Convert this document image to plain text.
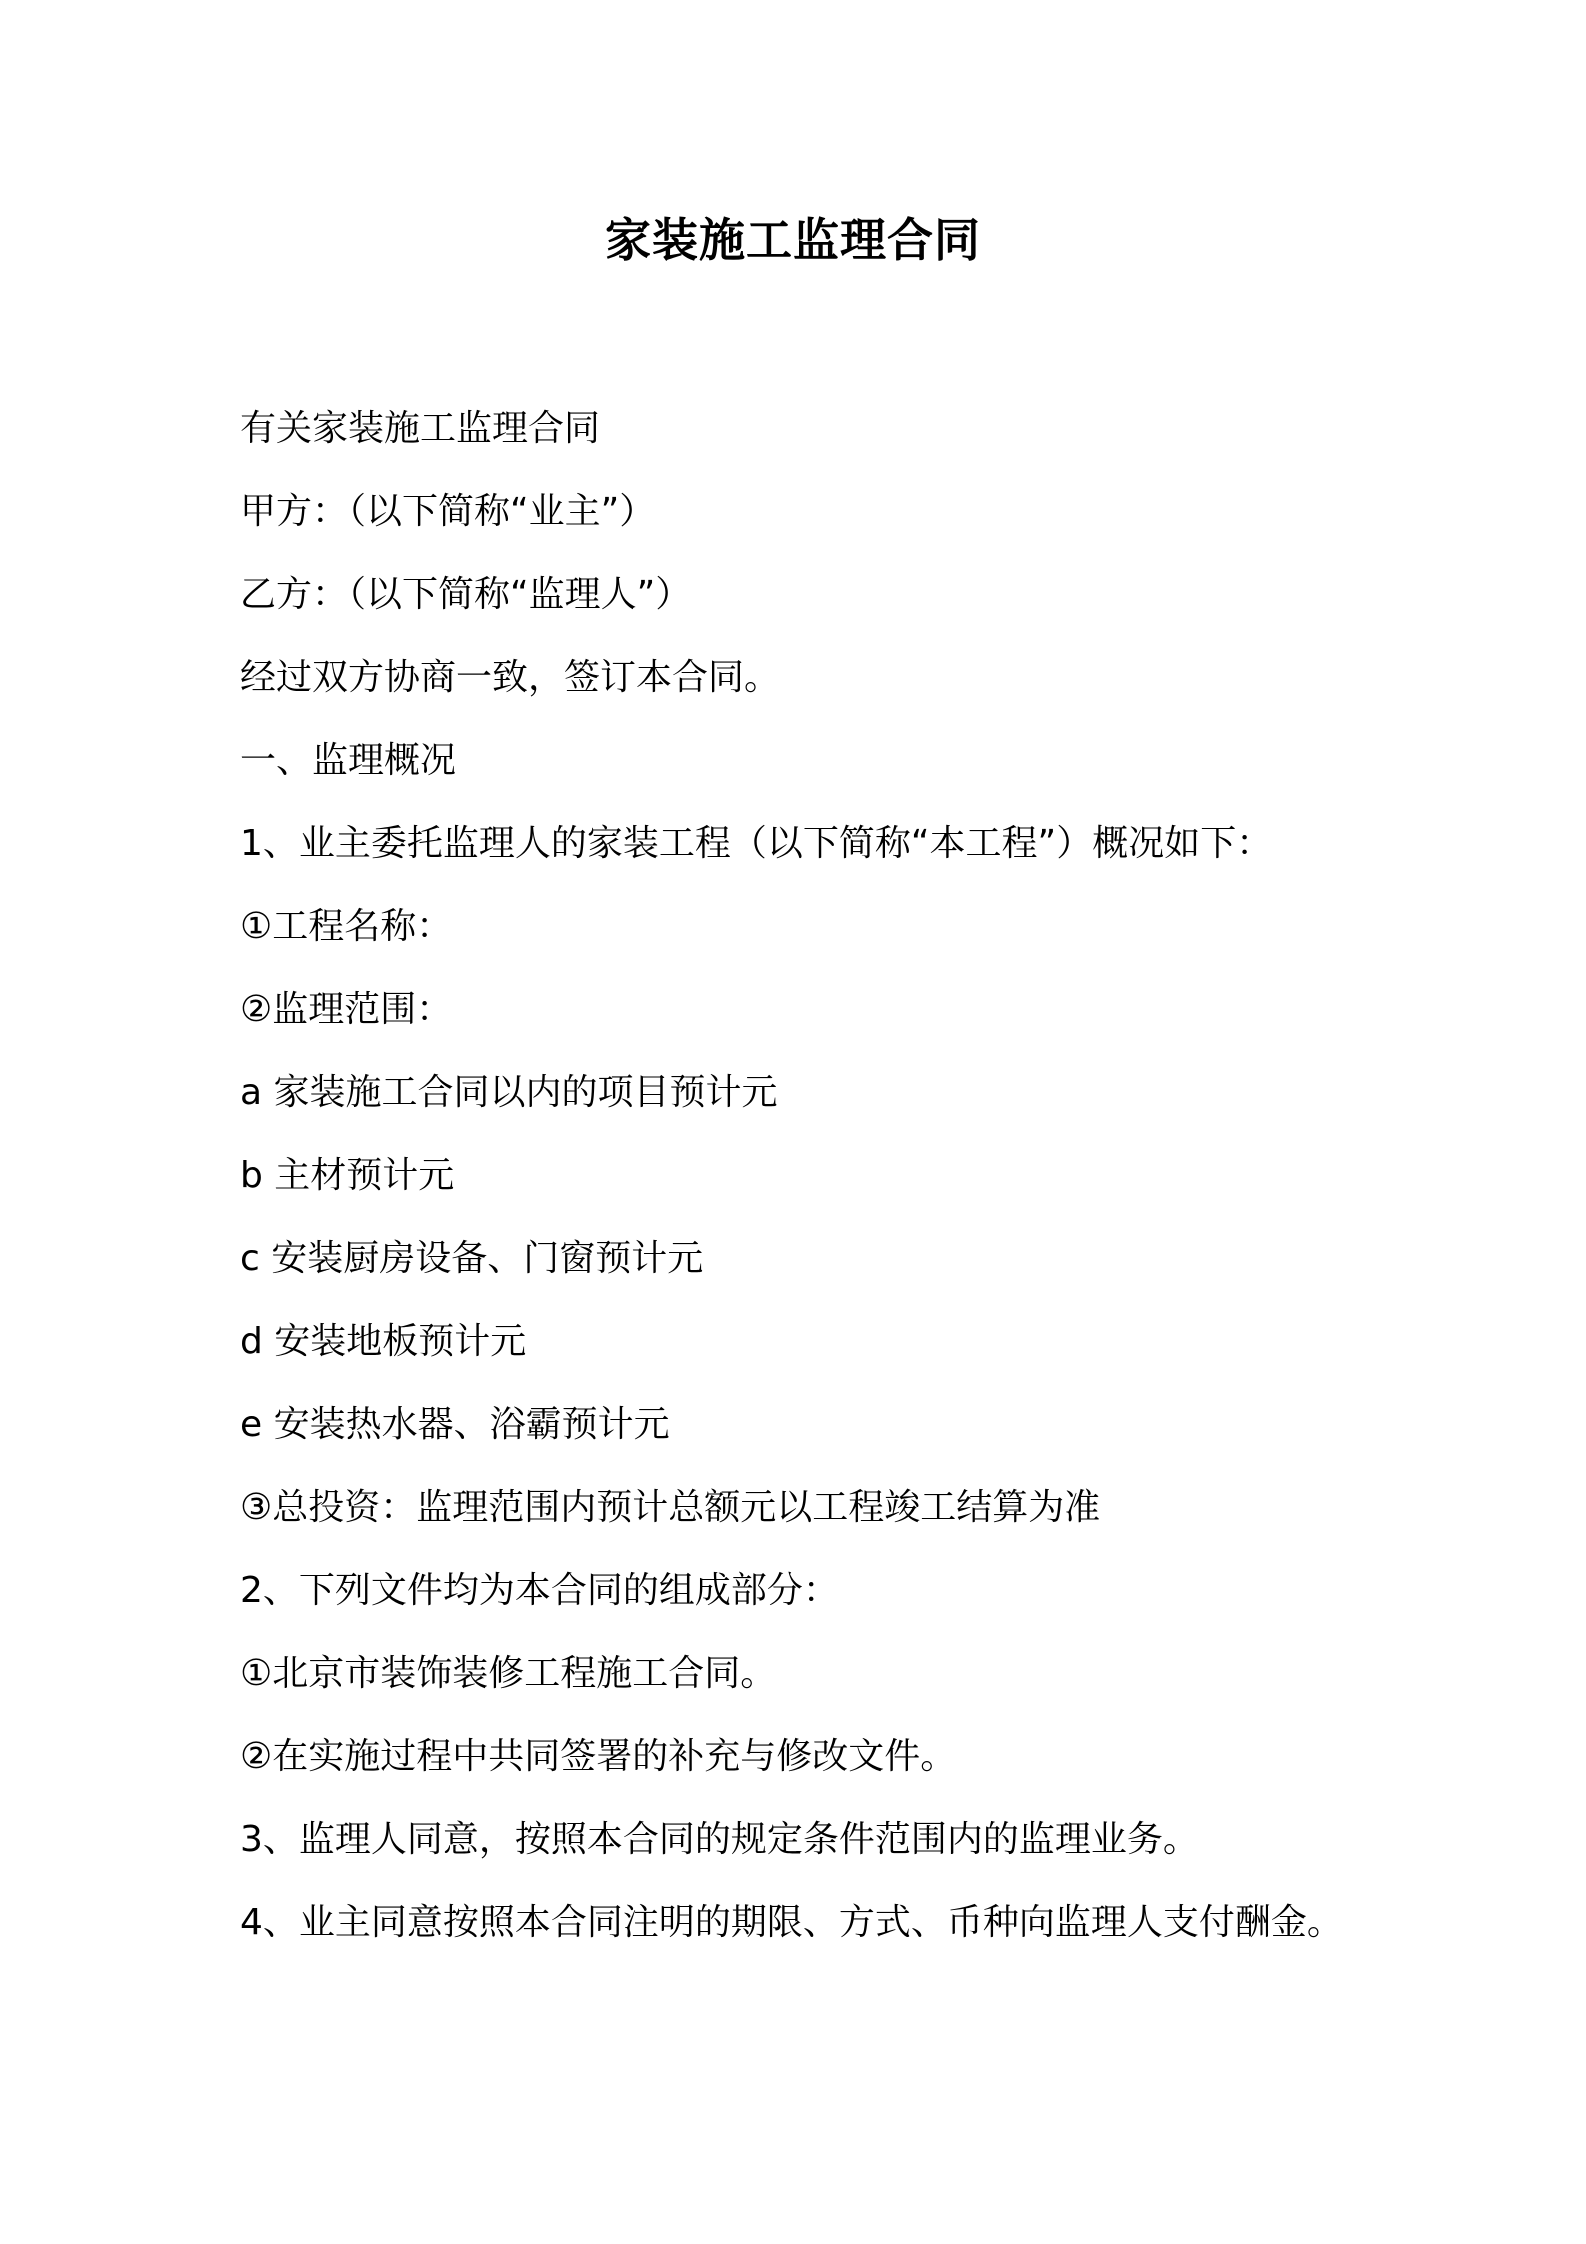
家装施工监理合同

有关家装施工监理合同

甲方：（以下简称“业主”）

乙方：（以下简称“监理人”）

经过双方协商一致，签订本合同。

一、监理概况

1、业主委托监理人的家装工程（以下简称“本工程”）概况如下：

①工程名称：

②监理范围：

a 家装施工合同以内的项目预计元

b 主材预计元

c 安装厨房设备、门窗预计元

d 安装地板预计元

e 安装热水器、浴霸预计元

③总投资：监理范围内预计总额元以工程竣工结算为准

2、下列文件均为本合同的组成部分：

①北京市装饰装修工程施工合同。

②在实施过程中共同签署的补充与修改文件。

3、监理人同意，按照本合同的规定条件范围内的监理业务。

4、业主同意按照本合同注明的期限、方式、币种向监理人支付酬金。
